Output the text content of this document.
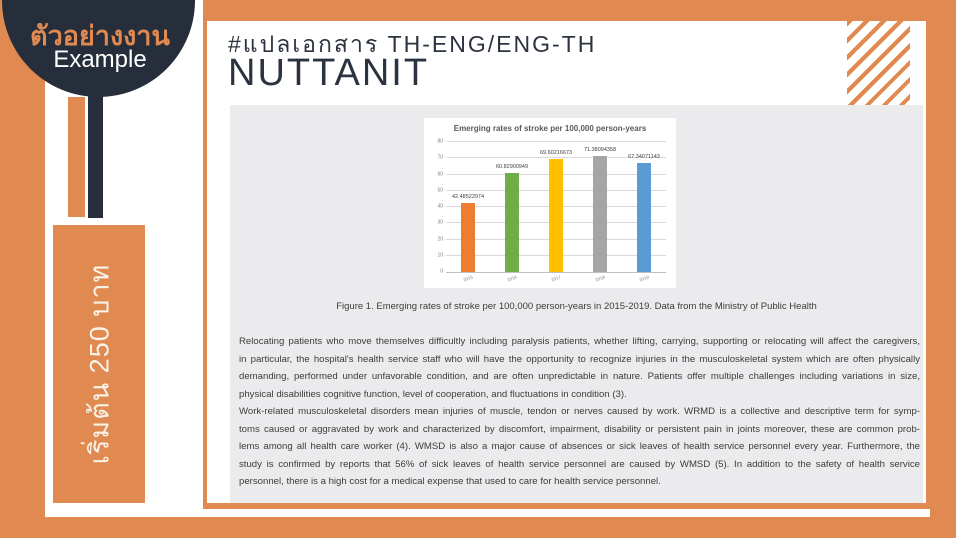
ตัวอย่างงาน
Example
เริ่มต้น 250 บาท
#แปลเอกสาร TH-ENG/ENG-TH
NUTTANIT
Emerging rates of stroke per 100,000 person-years
0
10
20
30
40
50
60
70
80
42.48522974
2015
60.82900949
2016
69.60216673
2017
71.38094358
2018
67.34071143
2019
Figure 1. Emerging rates of stroke per 100,000 person-years in 2015-2019. Data from the Ministry of Public Health
Relocating patients who move themselves difficultly including paralysis patients, whether lifting, carrying, supporting or relocating will affect the caregivers,
in particular, the hospital's health service staff who will have the opportunity to recognize injuries in the musculoskeletal system which are often physically
demanding, performed under unfavorable condition, and are often unpredictable in nature. Patients offer multiple challenges including variations in size,
physical disabilities cognitive function, level of cooperation, and fluctuations in condition (3).
Work-related musculoskeletal disorders mean injuries of muscle, tendon or nerves caused by work. WRMD is a collective and descriptive term for symp-
toms caused or aggravated by work and characterized by discomfort, impairment, disability or persistent pain in joints moreover, these are common prob-
lems among all health care worker (4). WMSD is also a major cause of absences or sick leaves of health service personnel every year. Furthermore, the
study is confirmed by reports that 56% of sick leaves of health service personnel are caused by WMSD (5). In addition to the safety of health service
personnel, there is a high cost for a medical expense that used to care for health service personnel.
